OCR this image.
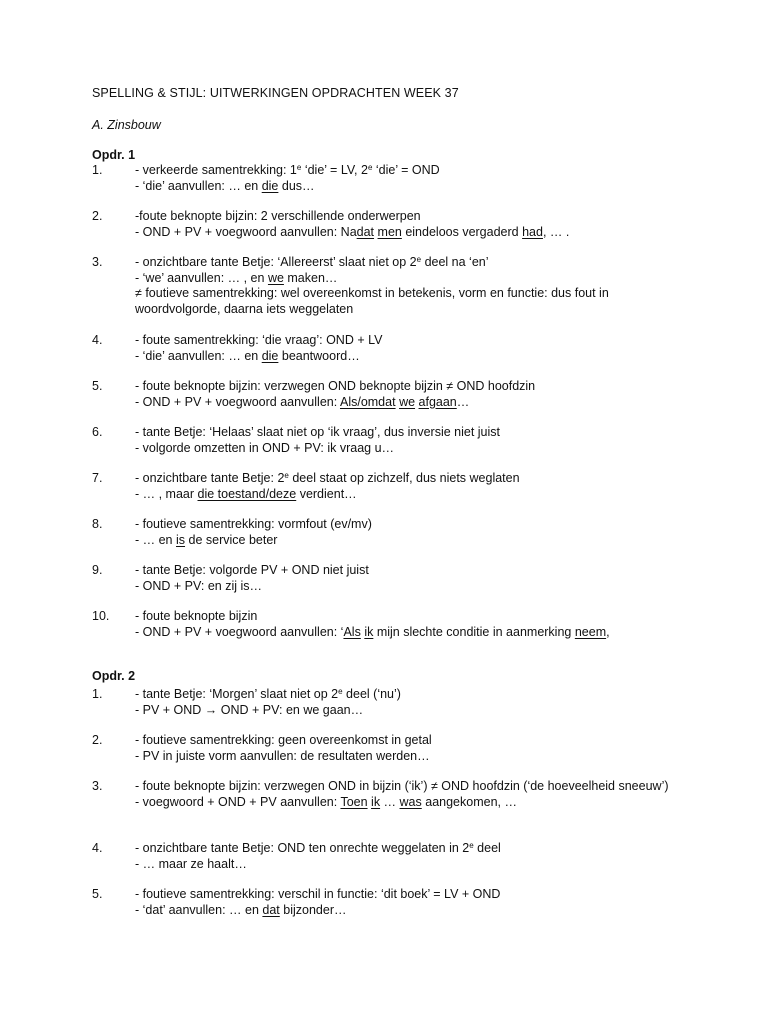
SPELLING & STIJL: UITWERKINGEN OPDRACHTEN WEEK 37
A. Zinsbouw
Opdr. 1
1.	- verkeerde samentrekking: 1e ‘die’ = LV, 2e ‘die’ = OND
- ‘die’ aanvullen: … en die dus…
2.	-foute beknopte bijzin: 2 verschillende onderwerpen
- OND + PV + voegwoord aanvullen: Nadat men eindeloos vergaderd had, … .
3.	- onzichtbare tante Betje: ‘Allereerst’ slaat niet op 2e deel na ‘en’
- ‘we’ aanvullen: … , en we maken…
≠ foutieve samentrekking: wel overeenkomst in betekenis, vorm en functie: dus fout in woordvolgorde, daarna iets weggelaten
4.	- foute samentrekking: ‘die vraag’: OND + LV
- ‘die’ aanvullen: … en die beantwoord…
5.	- foute beknopte bijzin: verzwegen OND beknopte bijzin ≠ OND hoofdzin
- OND + PV + voegwoord aanvullen: Als/omdat we afgaan…
6.	- tante Betje: ‘Helaas’ slaat niet op ‘ik vraag’, dus inversie niet juist
- volgorde omzetten in OND + PV: ik vraag u…
7.	- onzichtbare tante Betje: 2e deel staat op zichzelf, dus niets weglaten
- … , maar die toestand/deze verdient…
8.	- foutieve samentrekking: vormfout (ev/mv)
- … en is de service beter
9.	- tante Betje: volgorde PV + OND niet juist
- OND + PV: en zij is…
10. - foute beknopte bijzin
- OND + PV + voegwoord aanvullen: ‘Als ik mijn slechte conditie in aanmerking neem,
Opdr. 2
1.	- tante Betje: ‘Morgen’ slaat niet op 2e deel (‘nu’)
- PV + OND → OND + PV: en we gaan…
2.	- foutieve samentrekking: geen overeenkomst in getal
- PV in juiste vorm aanvullen: de resultaten werden…
3.	- foute beknopte bijzin: verzwegen OND in bijzin (‘ik’) ≠ OND hoofdzin (‘de hoeveelheid sneeuw’)
- voegwoord + OND + PV aanvullen: Toen ik … was aangekomen, …
4.	- onzichtbare tante Betje: OND ten onrechte weggelaten in 2e deel
- … maar ze haalt…
5.	- foutieve samentrekking: verschil in functie: ‘dit boek’ = LV + OND
- ‘dat’ aanvullen: … en dat bijzonder…
